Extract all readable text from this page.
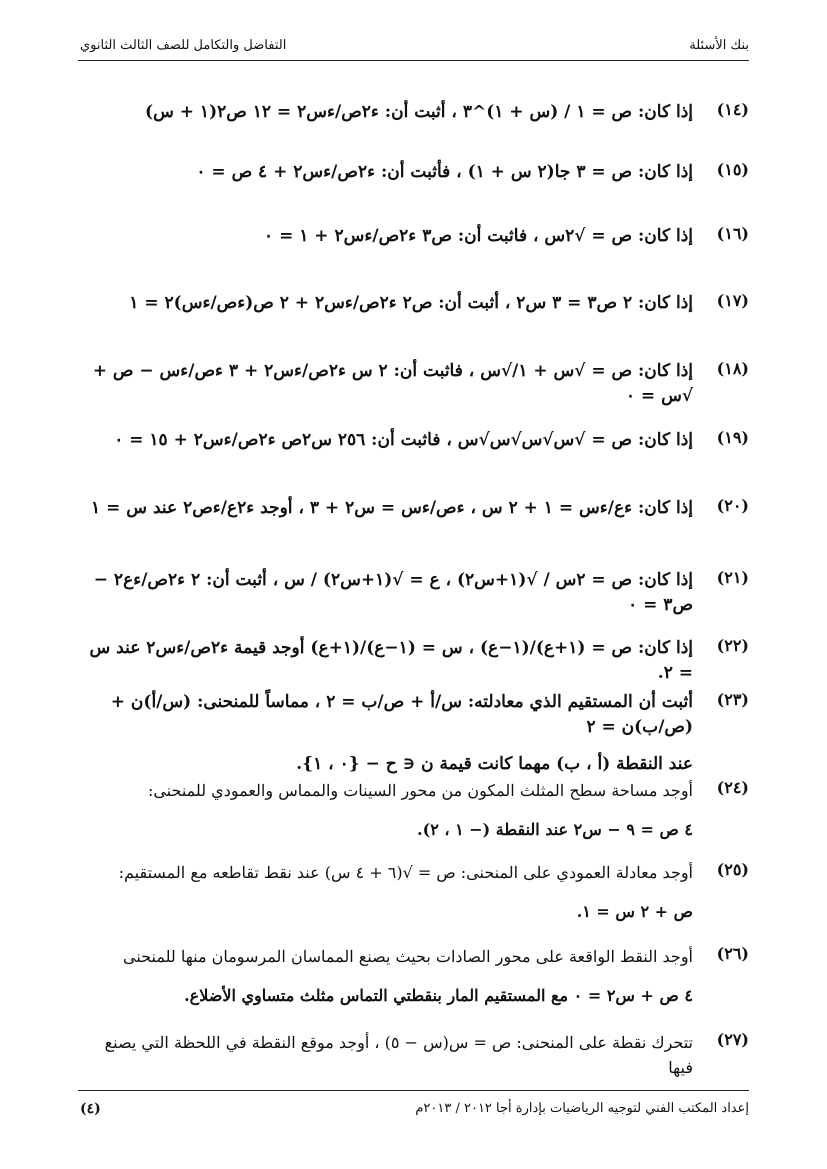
بنك الأسئلة
التفاضل والتكامل للصف الثالث الثانوي
(١٤)
إذا كان: ص = ١ / (س + ١)^٣ ، أثبت أن: ء٢ص/ءس٢ = ١٢ ص٢(١ + س)
(١٥)
إذا كان: ص = ٣ جا(٢ س + ١) ، فأثبت أن: ء٢ص/ءس٢ + ٤ ص = ٠
(١٦)
إذا كان: ص = √٢س ، فاثبت أن: ص٣ ء٢ص/ءس٢ + ١ = ٠
(١٧)
إذا كان: ٢ ص٣ = ٣ س٢ ، أثبت أن: ص٢ ء٢ص/ءس٢ + ٢ ص(ءص/ءس)٢ = ١
(١٨)
إذا كان: ص = √س + ١/√س ، فاثبت أن: ٢ س ء٢ص/ءس٢ + ٣ ءص/ءس − ص + √س = ٠
(١٩)
إذا كان: ص = √س√س√س√س ، فاثبت أن: ٢٥٦ س٢ص ء٢ص/ءس٢ + ١٥ = ٠
(٢٠)
إذا كان: ءع/ءس = ١ + ٢ س ، ءص/ءس = س٢ + ٣ ، أوجد ء٢ع/ءص٢ عند س = ١
(٢١)
إذا كان: ص = ٢س / √(١+س٢) ، ع = √(١+س٢) / س ، أثبت أن: ٢ ء٢ص/ءع٢ − ص٣ = ٠
(٢٢)
إذا كان: ص = (١+ع)/(١−ع) ، س = (١−ع)/(١+ع) أوجد قيمة ء٢ص/ءس٢ عند س = ٢.
(٢٣)
أثبت أن المستقيم الذي معادلته: س/أ + ص/ب = ٢ ، مماساً للمنحنى: (س/أ)ن + (ص/ب)ن = ٢
عند النقطة (أ ، ب) مهما كانت قيمة ن ∈ ح − {٠ ، ١}.
(٢٤)
أوجد مساحة سطح المثلث المكون من محور السينات والمماس والعمودي للمنحنى:
٤ ص = ٩ − س٢ عند النقطة (− ١ ، ٢).
(٢٥)
أوجد معادلة العمودي على المنحنى: ص = √(٦ + ٤ س) عند نقط تقاطعه مع المستقيم:
ص + ٢ س = ١.
(٢٦)
أوجد النقط الواقعة على محور الصادات بحيث يصنع المماسان المرسومان منها للمنحنى
٤ ص + س٢ = ٠ مع المستقيم المار بنقطتي التماس مثلث متساوي الأضلاع.
(٢٧)
تتحرك نقطة على المنحنى: ص = س(س − ٥) ، أوجد موقع النقطة في اللحظة التي يصنع فيها
إعداد المكتب الفني لتوجيه الرياضيات بإدارة أجا ٢٠١٢ / ٢٠١٣م
(٤)
